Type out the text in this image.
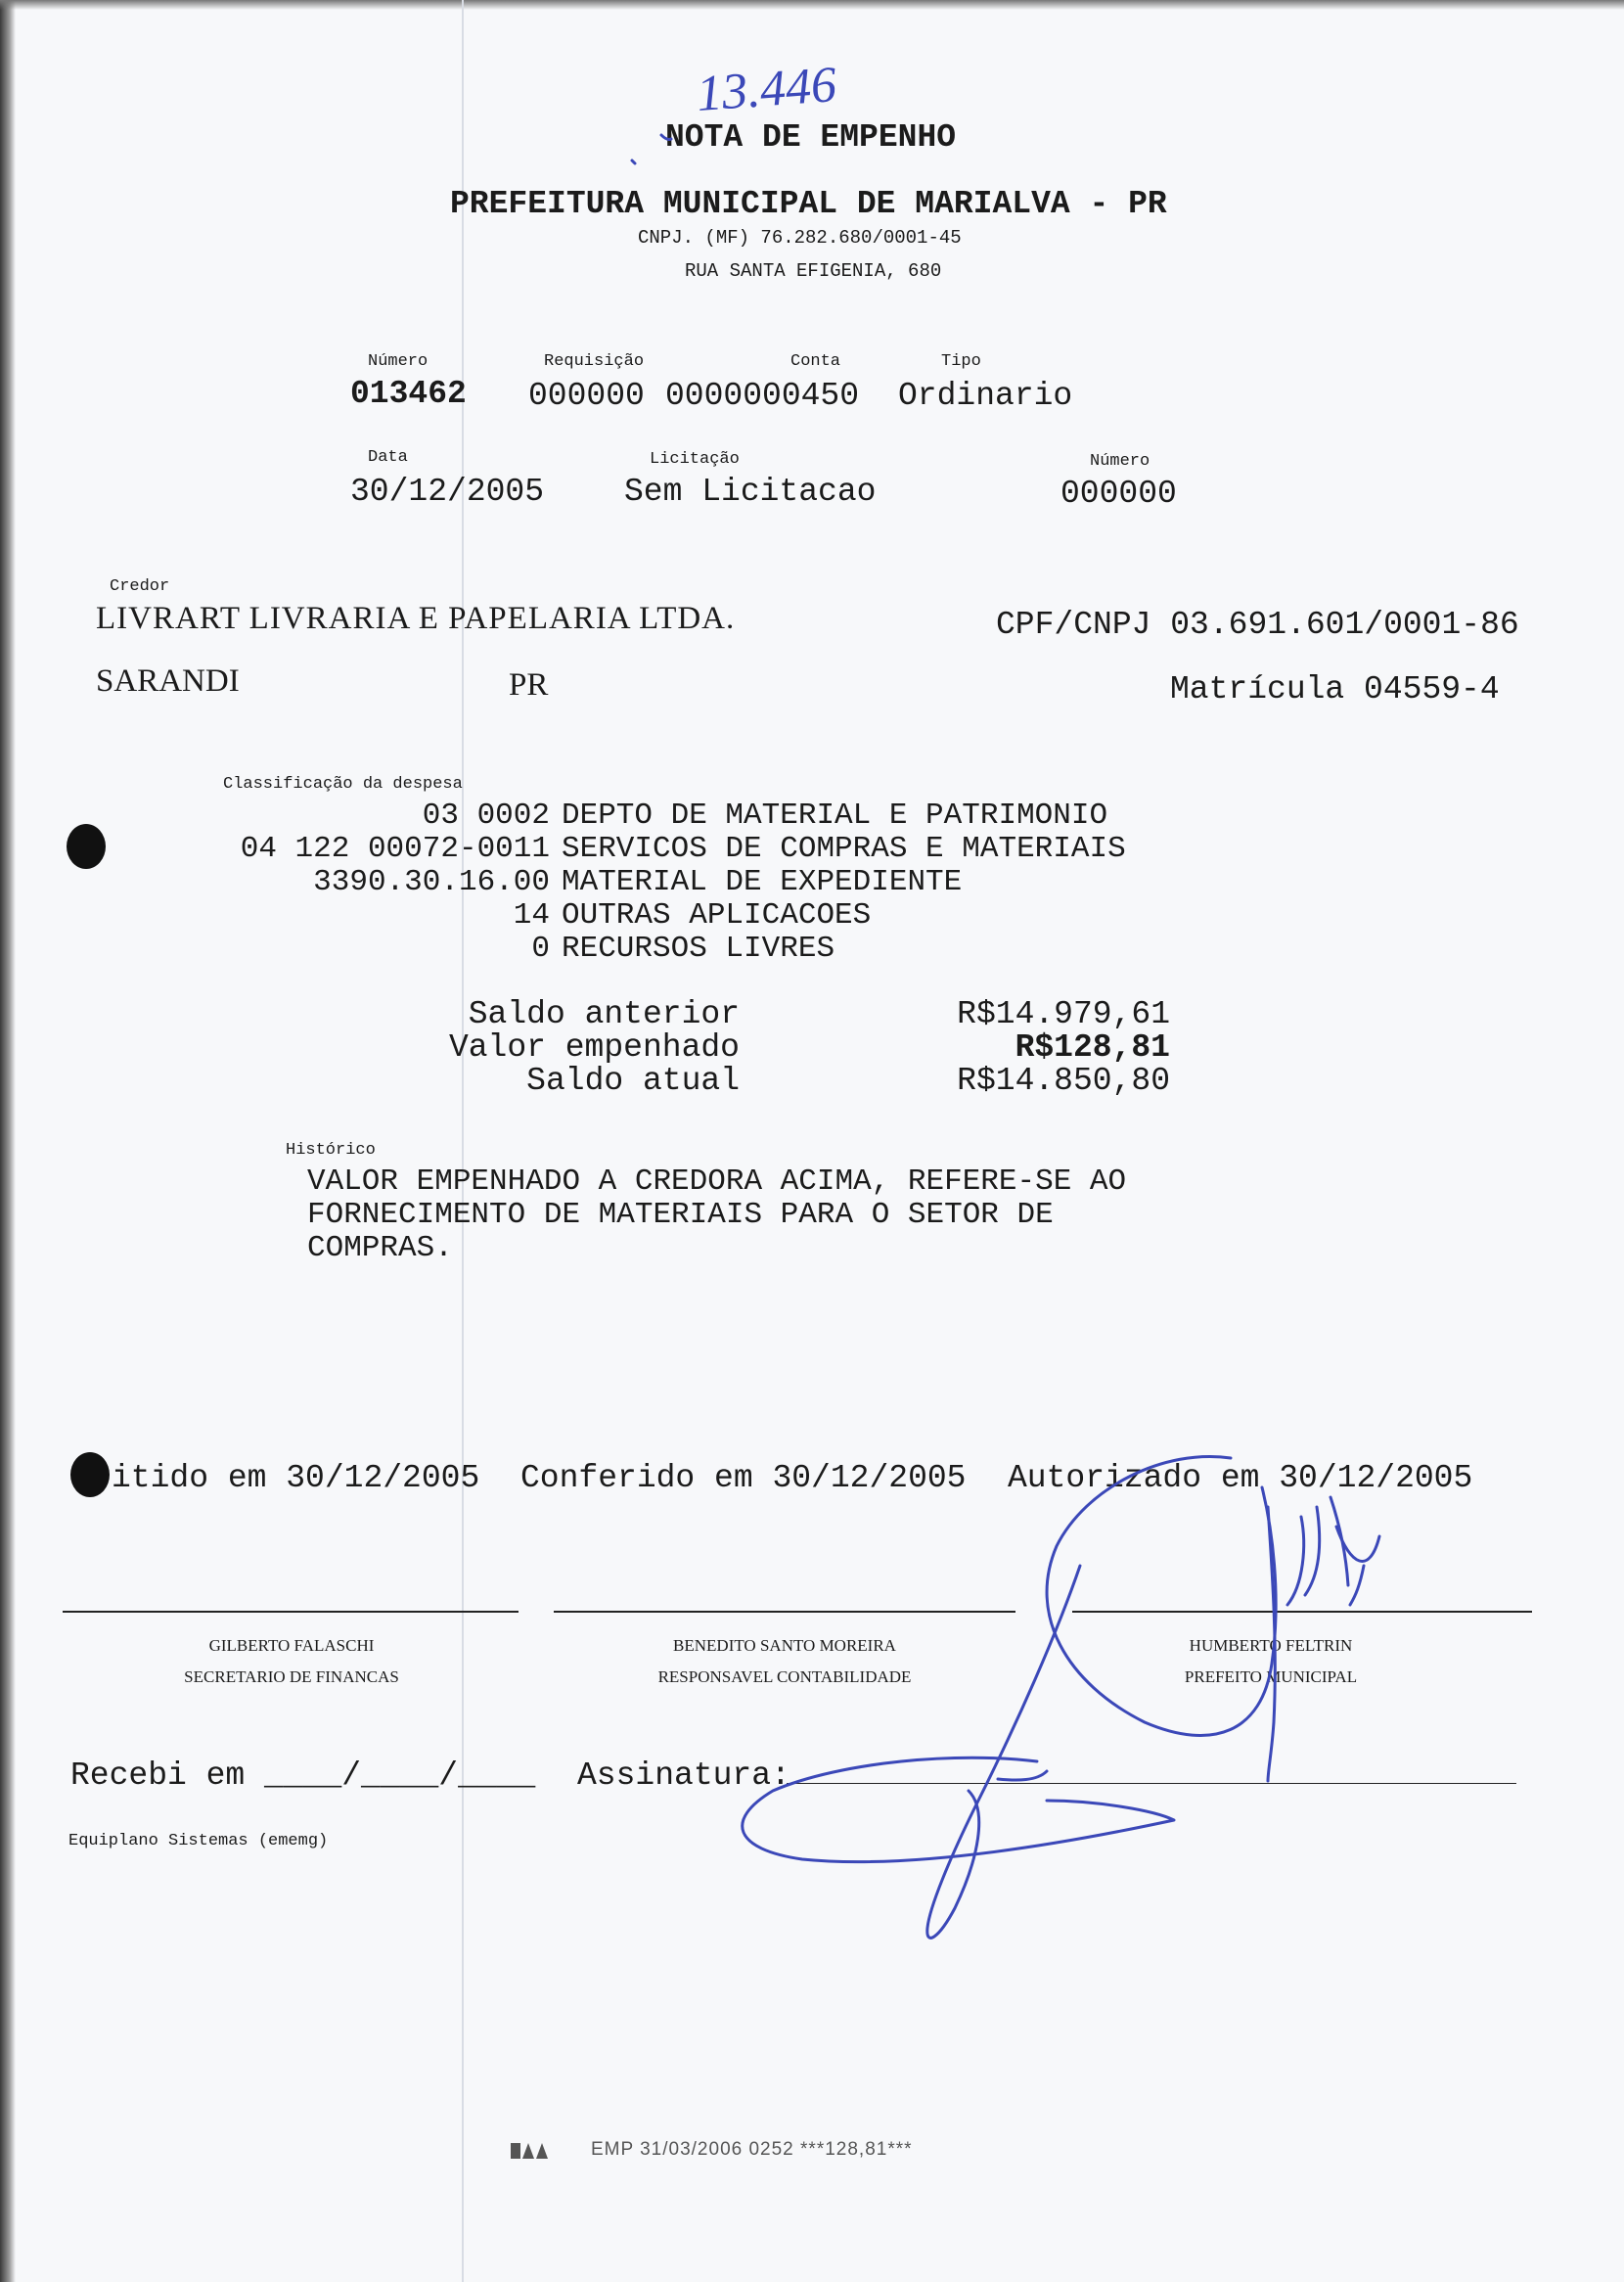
13.446
NOTA DE EMPENHO
PREFEITURA MUNICIPAL DE MARIALVA - PR
CNPJ. (MF) 76.282.680/0001-45
RUA SANTA EFIGENIA, 680
Número
013462
Requisição
000000
Conta
0000000450
Tipo
Ordinario
Data
30/12/2005
Licitação
Sem Licitacao
Número
000000
Credor
LIVRART LIVRARIA E PAPELARIA LTDA.	CPF/CNPJ 03.691.601/0001-86
SARANDI	PR	Matrícula 04559-4
Classificação da despesa
03 0002 DEPTO DE MATERIAL E PATRIMONIO
04 122 00072-0011 SERVICOS DE COMPRAS E MATERIAIS
3390.30.16.00 MATERIAL DE EXPEDIENTE
14 OUTRAS APLICACOES
0 RECURSOS LIVRES
Saldo anterior	R$14.979,61
Valor empenhado	R$128,81
Saldo atual	R$14.850,80
Histórico
VALOR EMPENHADO A CREDORA ACIMA, REFERE-SE AO
FORNECIMENTO DE MATERIAIS PARA O SETOR DE
COMPRAS.
itido em 30/12/2005 Conferido em 30/12/2005 Autorizado em 30/12/2005
GILBERTO FALASCHI
SECRETARIO DE FINANCAS
BENEDITO SANTO MOREIRA
RESPONSAVEL CONTABILIDADE
HUMBERTO FELTRIN
PREFEITO MUNICIPAL
Recebi em ____/____/____ Assinatura:
Equiplano Sistemas (ememg)
EMP 31/03/2006 0252 ***128,81***
